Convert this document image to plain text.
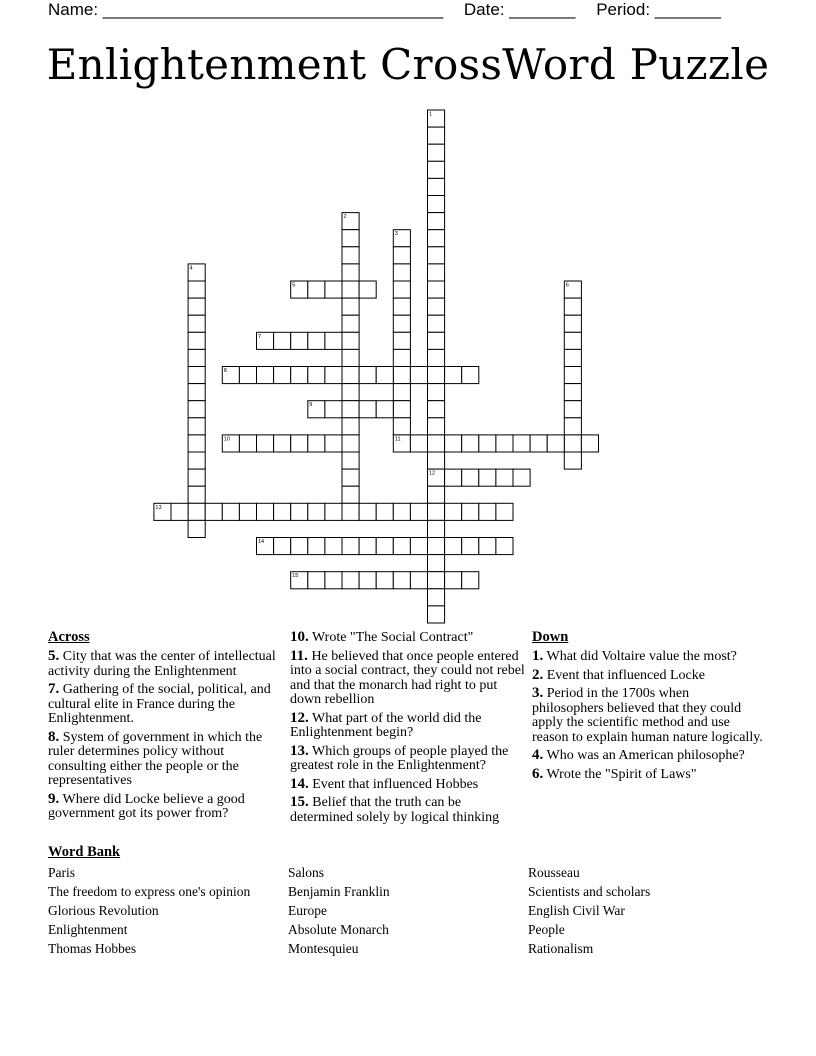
Name: ____________________________________ Date: _______ Period: _______
Enlightenment CrossWord Puzzle
1
2
3
4
5	6
7
8
9
10	11
12
13
14
15
Across
5. City that was the center of intellectual activity during the Enlightenment
7. Gathering of the social, political, and cultural elite in France during the Enlightenment.
8. System of government in which the ruler determines policy without consulting either the people or the representatives
9. Where did Locke believe a good government got its power from?
10. Wrote "The Social Contract"
11. He believed that once people entered into a social contract, they could not rebel and that the monarch had right to put down rebellion
12. What part of the world did the Enlightenment begin?
13. Which groups of people played the greatest role in the Enlightenment?
14. Event that influenced Hobbes
15. Belief that the truth can be determined solely by logical thinking
Down
1. What did Voltaire value the most?
2. Event that influenced Locke
3. Period in the 1700s when philosophers believed that they could apply the scientific method and use reason to explain human nature logically.
4. Who was an American philosophe?
6. Wrote the "Spirit of Laws"
Word Bank
Paris
The freedom to express one's opinion
Glorious Revolution
Enlightenment
Thomas Hobbes
Salons
Benjamin Franklin
Europe
Absolute Monarch
Montesquieu
Rousseau
Scientists and scholars
English Civil War
People
Rationalism
